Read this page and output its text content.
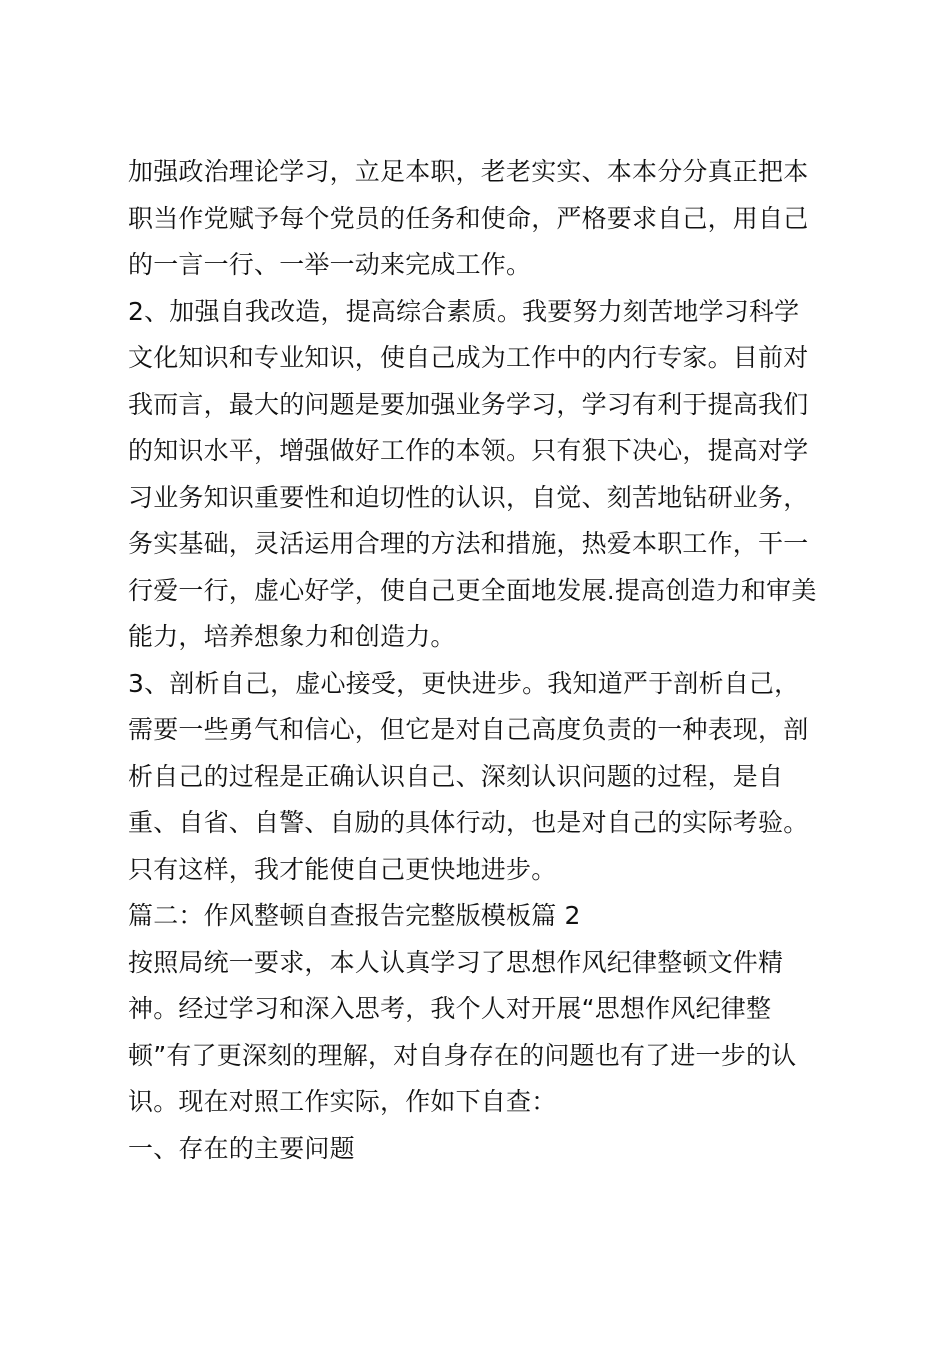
加强政治理论学习，立足本职，老老实实、本本分分真正把本
职当作党赋予每个党员的任务和使命，严格要求自己，用自己
的一言一行、一举一动来完成工作。
2、加强自我改造，提高综合素质。我要努力刻苦地学习科学
文化知识和专业知识，使自己成为工作中的内行专家。目前对
我而言，最大的问题是要加强业务学习，学习有利于提高我们
的知识水平，增强做好工作的本领。只有狠下决心，提高对学
习业务知识重要性和迫切性的认识，自觉、刻苦地钻研业务，
务实基础，灵活运用合理的方法和措施，热爱本职工作，干一
行爱一行，虚心好学，使自己更全面地发展.提高创造力和审美
能力，培养想象力和创造力。
3、剖析自己，虚心接受，更快进步。我知道严于剖析自己，
需要一些勇气和信心，但它是对自己高度负责的一种表现，剖
析自己的过程是正确认识自己、深刻认识问题的过程，是自
重、自省、自警、自励的具体行动，也是对自己的实际考验。
只有这样，我才能使自己更快地进步。
篇二：作风整顿自查报告完整版模板篇 2
按照局统一要求，本人认真学习了思想作风纪律整顿文件精
神。经过学习和深入思考，我个人对开展“思想作风纪律整
顿”有了更深刻的理解，对自身存在的问题也有了进一步的认
识。现在对照工作实际，作如下自查：
一、存在的主要问题
